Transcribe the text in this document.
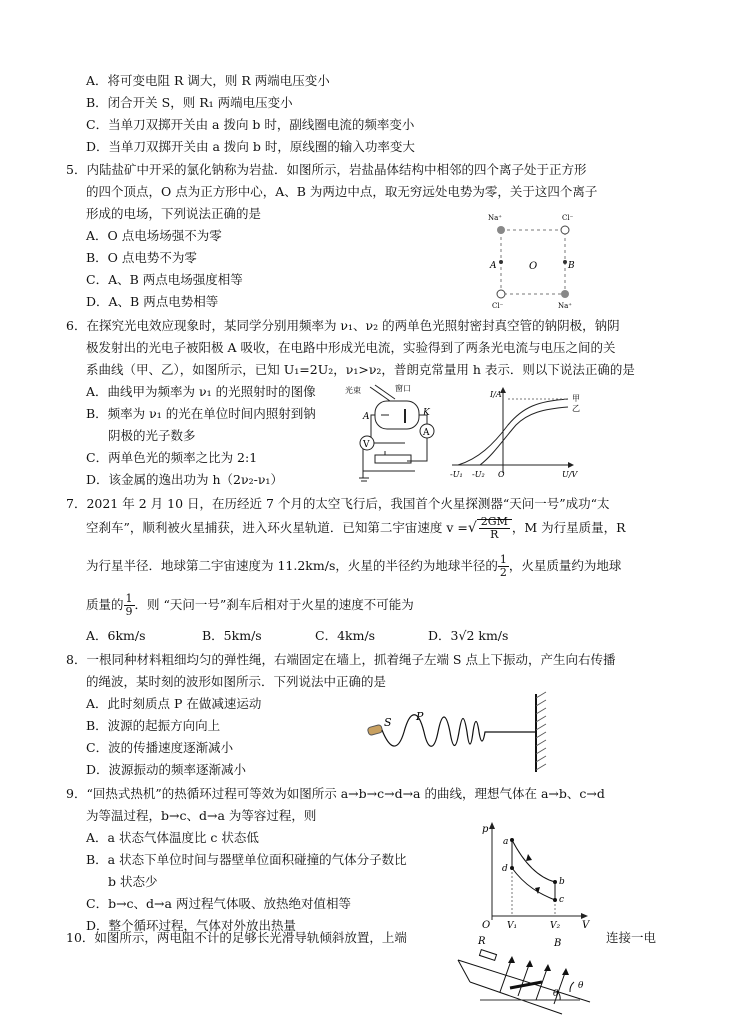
A．将可变电阻 R 调大，则 R 两端电压变小
B．闭合开关 S，则 R₁ 两端电压变小
C．当单刀双掷开关由 a 拨向 b 时，副线圈电流的频率变小
D．当单刀双掷开关由 a 拨向 b 时，原线圈的输入功率变大
5．内陆盐矿中开采的氯化钠称为岩盐．如图所示，岩盐晶体结构中相邻的四个离子处于正方形
的四个顶点，O 点为正方形中心，A、B 为两边中点，取无穷远处电势为零，关于这四个离子
形成的电场，下列说法正确的是
A．O 点电场场强不为零
B．O 点电势不为零
C．A、B 两点电场强度相等
D．A、B 两点电势相等
Na⁺	Cl⁻
Cl⁻	Na⁺
A	O	B
6．在探究光电效应现象时，某同学分别用频率为 ν₁、ν₂ 的两单色光照射密封真空管的钠阴极，钠阴
极发射出的光电子被阳极 A 吸收，在电路中形成光电流，实验得到了两条光电流与电压之间的关
系曲线（甲、乙），如图所示，已知 U₁=2U₂，ν₁>ν₂，普朗克常量用 h 表示．则以下说法正确的是
A．曲线甲为频率为 ν₁ 的光照射时的图像
B．频率为 ν₁ 的光在单位时间内照射到钠
阴极的光子数多
C．两单色光的频率之比为 2:1
D．该金属的逸出功为 h（2ν₂-ν₁）
光束	窗口
A	K
A
V
I/A
U/V
-U₁ -U₂ O
甲
乙
7．2021 年 2 月 10 日，在历经近 7 个月的太空飞行后，我国首个火星探测器“天问一号”成功“太
空刹车”，顺利被火星捕获，进入环火星轨道．已知第二宇宙速度 v =√ $\frac{2GM}{R}$ ，M 为行星质量，R
为行星半径．地球第二宇宙速度为 11.2km/s，火星的半径约为地球半径的 $\frac{1}{2}$ ，火星质量约为地球
质量的 $\frac{1}{9}$ ．则 “天问一号”刹车后相对于火星的速度不可能为
A．6km/s	B．5km/s	C．4km/s	D．3√2 km/s
8．一根同种材料粗细均匀的弹性绳，右端固定在墙上，抓着绳子左端 S 点上下振动，产生向右传播
的绳波，某时刻的波形如图所示．下列说法中正确的是
A．此时刻质点 P 在做减速运动
B．波源的起振方向向上
C．波的传播速度逐渐减小
D．波源振动的频率逐渐减小
S P
9．“回热式热机”的热循环过程可等效为如图所示 a→b→c→d→a 的曲线，理想气体在 a→b、c→d
为等温过程，b→c、d→a 为等容过程，则
A．a 状态气体温度比 c 状态低
B．a 状态下单位时间与器壁单位面积碰撞的气体分子数比
b 状态少
C．b→c、d→a 两过程气体吸、放热绝对值相等
D．整个循环过程，气体对外放出热量
p
V
O V₁	V₂
a
d
b
c
10．如图所示，两电阻不计的足够长光滑导轨倾斜放置，上端	连接一电
R	B
θ
θ
